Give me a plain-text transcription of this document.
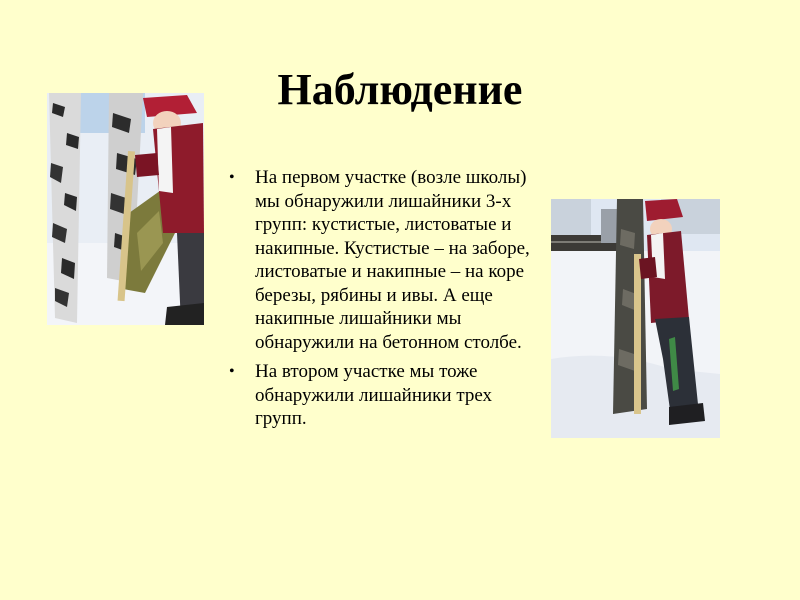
Наблюдение
• На первом участке (возле школы) мы обнаружили лишайники 3-х групп: кустистые, листоватые и накипные. Кустистые – на заборе, листоватые и накипные – на коре березы, рябины и ивы. А еще накипные лишайники мы обнаружили на бетонном столбе.
• На втором участке мы тоже обнаружили лишайники трех групп.
